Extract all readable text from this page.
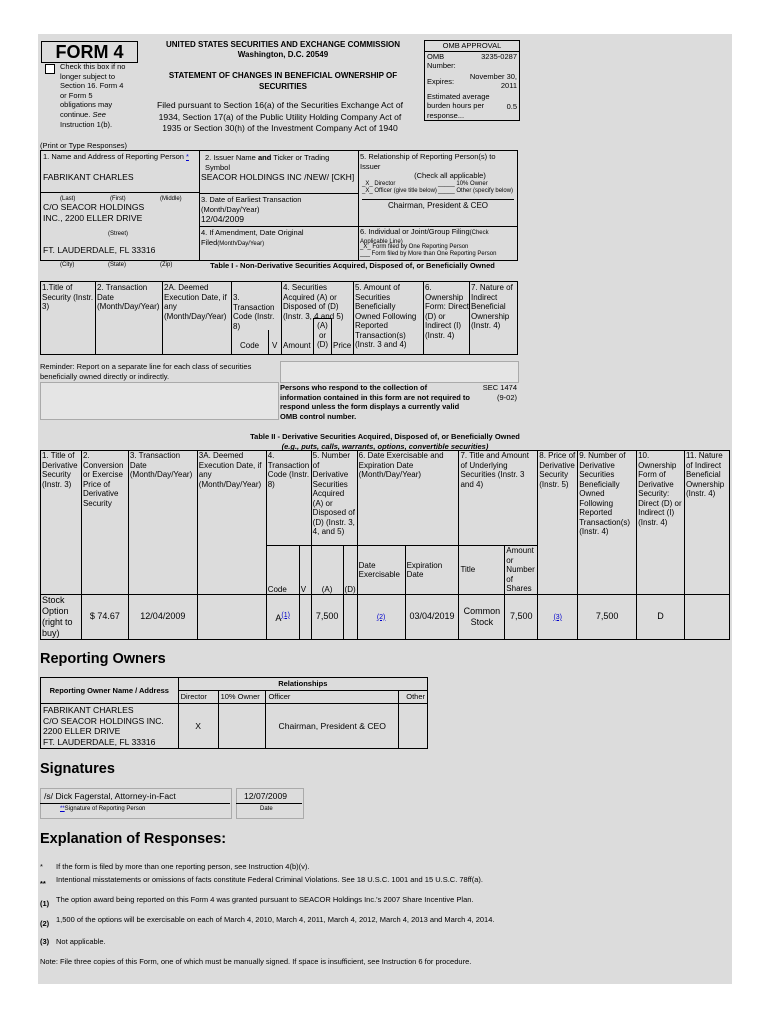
FORM 4
Check this box if no
longer subject to
Section 16. Form 4
or Form 5
obligations may
continue. See
Instruction 1(b).
UNITED STATES SECURITIES AND EXCHANGE COMMISSION
Washington, D.C. 20549
STATEMENT OF CHANGES IN BENEFICIAL OWNERSHIP OF
SECURITIES
Filed pursuant to Section 16(a) of the Securities Exchange Act of
1934, Section 17(a) of the Public Utility Holding Company Act of
1935 or Section 30(h) of the Investment Company Act of 1940
OMB APPROVAL
OMB Number:
3235-0287
Expires:
November 30, 2011
Estimated average burden hours per response...
0.5
(Print or Type Responses)
1. Name and Address of Reporting Person *
FABRIKANT CHARLES
(Last)	(First)	(Middle)
C/O SEACOR HOLDINGS
INC., 2200 ELLER DRIVE
(Street)
FT. LAUDERDALE, FL 33316
(City)	(State)	(Zip)
2. Issuer Name and Ticker or Trading Symbol
SEACOR HOLDINGS INC /NEW/ [CKH]
3. Date of Earliest Transaction (Month/Day/Year)
12/04/2009
4. If Amendment, Date Original Filed(Month/Day/Year)
5. Relationship of Reporting Person(s) to Issuer
(Check all applicable)
_X_ Director	_____ 10% Owner
_X_ Officer (give title below) _____ Other (specify below)
Chairman, President & CEO
6. Individual or Joint/Group Filing(Check Applicable Line)
_X_ Form filed by One Reporting Person
___ Form filed by More than One Reporting Person
Table I - Non-Derivative Securities Acquired, Disposed of, or Beneficially Owned
1.Title of Security (Instr. 3)
2. Transaction Date (Month/Day/Year)
2A. Deemed Execution Date, if any (Month/Day/Year)
3. Transaction Code (Instr. 8)
4. Securities Acquired (A) or Disposed of (D) (Instr. 3, 4 and 5)
5. Amount of Securities Beneficially Owned Following Reported Transaction(s) (Instr. 3 and 4)
6. Ownership Form: Direct (D) or Indirect (I) (Instr. 4)
7. Nature of Indirect Beneficial Ownership (Instr. 4)
Code V Amount
(A) or (D) Price
Reminder: Report on a separate line for each class of securities beneficially owned directly or indirectly.
Persons who respond to the collection of information contained in this form are not required to respond unless the form displays a currently valid OMB control number.
SEC 1474
(9-02)
Table II - Derivative Securities Acquired, Disposed of, or Beneficially Owned
(e.g., puts, calls, warrants, options, convertible securities)
1. Title of Derivative Security (Instr. 3)	2. Conversion or Exercise Price of Derivative Security	3. Transaction Date (Month/Day/Year)	3A. Deemed Execution Date, if any (Month/Day/Year)	4. Transaction Code (Instr. 8)		5. Number of Derivative Securities Acquired (A) or Disposed of (D) (Instr. 3, 4, and 5)		6. Date Exercisable and Expiration Date (Month/Day/Year)		7. Title and Amount of Underlying Securities (Instr. 3 and 4)		8. Price of Derivative Security (Instr. 5)	9. Number of Derivative Securities Beneficially Owned Following Reported Transaction(s) (Instr. 4)	10. Ownership Form of Derivative Security: Direct (D) or Indirect (I) (Instr. 4)	11. Nature of Indirect Beneficial Ownership (Instr. 4)
				Code	V	(A)	(D)	Date Exercisable	Expiration Date	Title	Amount or Number of Shares				
Stock Option (right to buy)	$ 74.67	12/04/2009		$A^{(1)}$		7,500		(2)	03/04/2019	Common Stock	7,500	(3)	7,500	D	
Reporting Owners
Reporting Owner Name / Address	Relationships			
	Director	10% Owner	Officer	Other

FABRIKANT CHARLES
C/O SEACOR HOLDINGS INC.
2200 ELLER DRIVE
FT. LAUDERDALE, FL 33316	X		Chairman, President & CEO	
Signatures
/s/ Dick Fagerstal, Attorney-in-Fact
**Signature of Reporting Person
12/07/2009
Date
Explanation of Responses:
* If the form is filed by more than one reporting person, see Instruction 4(b)(v).
**	Intentional misstatements or omissions of facts constitute Federal Criminal Violations. See 18 U.S.C. 1001 and 15 U.S.C. 78ff(a).
(1) The option award being reported on this Form 4 was granted pursuant to SEACOR Holdings Inc.'s 2007 Share Incentive Plan.
(2) 1,500 of the options will be exercisable on each of March 4, 2010, March 4, 2011, March 4, 2012, March 4, 2013 and March 4, 2014.
(3) Not applicable.
Note: File three copies of this Form, one of which must be manually signed. If space is insufficient, see Instruction 6 for procedure.
